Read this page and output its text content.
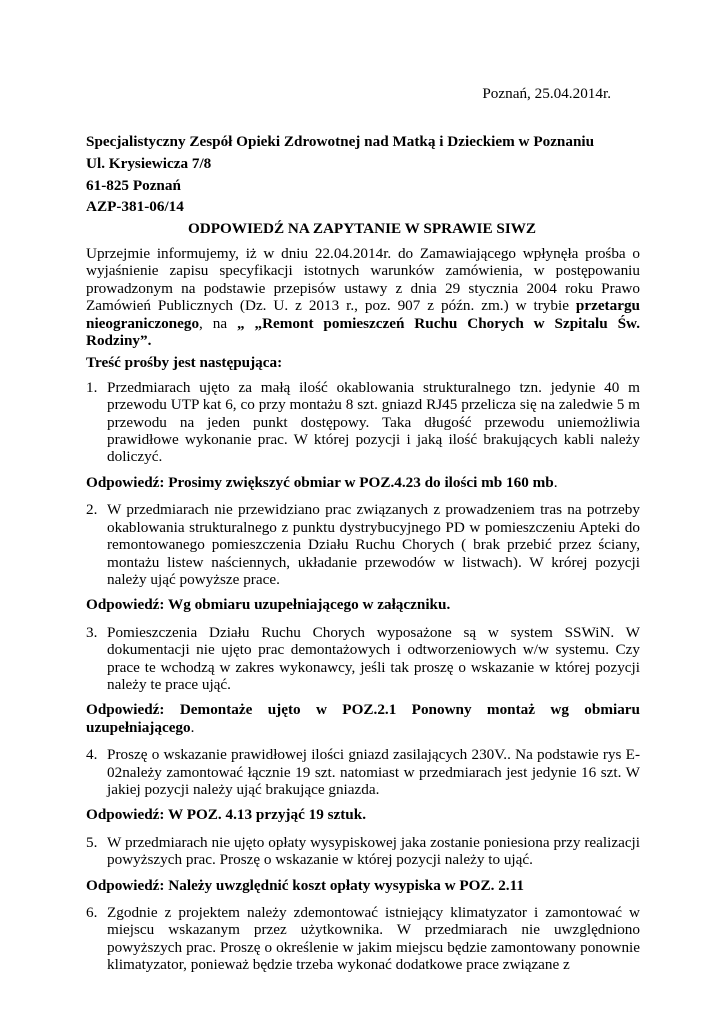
Poznań, 25.04.2014r.
Specjalistyczny Zespół Opieki Zdrowotnej nad Matką i Dzieckiem w Poznaniu
Ul. Krysiewicza 7/8
61-825 Poznań
AZP-381-06/14
ODPOWIEDŹ NA ZAPYTANIE W SPRAWIE SIWZ

Uprzejmie informujemy, iż w dniu 22.04.2014r. do Zamawiającego wpłynęła prośba o wyjaśnienie zapisu specyfikacji istotnych warunków zamówienia, w postępowaniu prowadzonym na podstawie przepisów ustawy z dnia 29 stycznia 2004 roku Prawo Zamówień Publicznych (Dz. U. z 2013 r., poz. 907 z późn. zm.) w trybie przetargu nieograniczonego, na „ „Remont pomieszczeń Ruchu Chorych w Szpitalu Św. Rodziny”.

Treść prośby jest następująca:
1. Przedmiarach ujęto za małą ilość okablowania strukturalnego tzn. jedynie 40 m przewodu UTP kat 6, co przy montażu 8 szt. gniazd RJ45 przelicza się na zaledwie 5 m przewodu na jeden punkt dostępowy. Taka długość przewodu uniemożliwia prawidłowe wykonanie prac. W której pozycji i jaką ilość brakujących kabli należy doliczyć.
Odpowiedź: Prosimy zwiększyć obmiar w POZ.4.23 do ilości mb 160 mb.
2. W przedmiarach nie przewidziano prac związanych z prowadzeniem tras na potrzeby okablowania strukturalnego z punktu dystrybucyjnego PD w pomieszczeniu Apteki do remontowanego pomieszczenia Działu Ruchu Chorych ( brak przebić przez ściany, montażu listew naściennych, układanie przewodów w listwach). W krórej pozycji należy ująć powyższe prace.
Odpowiedź: Wg obmiaru uzupełniającego w załączniku.
3. Pomieszczenia Działu Ruchu Chorych wyposażone są w system SSWiN. W dokumentacji nie ujęto prac demontażowych i odtworzeniowych w/w systemu. Czy prace te wchodzą w zakres wykonawcy, jeśli tak proszę o wskazanie w której pozycji należy te prace ująć.
Odpowiedź: Demontaże ujęto w POZ.2.1 Ponowny montaż wg obmiaru uzupełniającego.
4. Proszę o wskazanie prawidłowej ilości gniazd zasilających 230V.. Na podstawie rys E-02należy zamontować łącznie 19 szt. natomiast w przedmiarach jest jedynie 16 szt. W jakiej pozycji należy ująć brakujące gniazda.
Odpowiedź: W POZ. 4.13 przyjąć 19 sztuk.
5. W przedmiarach nie ujęto opłaty wysypiskowej jaka zostanie poniesiona przy realizacji powyższych prac. Proszę o wskazanie w której pozycji należy to ująć.
Odpowiedź: Należy uwzględnić koszt opłaty wysypiska w POZ. 2.11
6. Zgodnie z projektem należy zdemontować istniejący klimatyzator i zamontować w miejscu wskazanym przez użytkownika. W przedmiarach nie uwzględniono powyższych prac. Proszę o określenie w jakim miejscu będzie zamontowany ponownie klimatyzator, ponieważ będzie trzeba wykonać dodatkowe prace związane z
